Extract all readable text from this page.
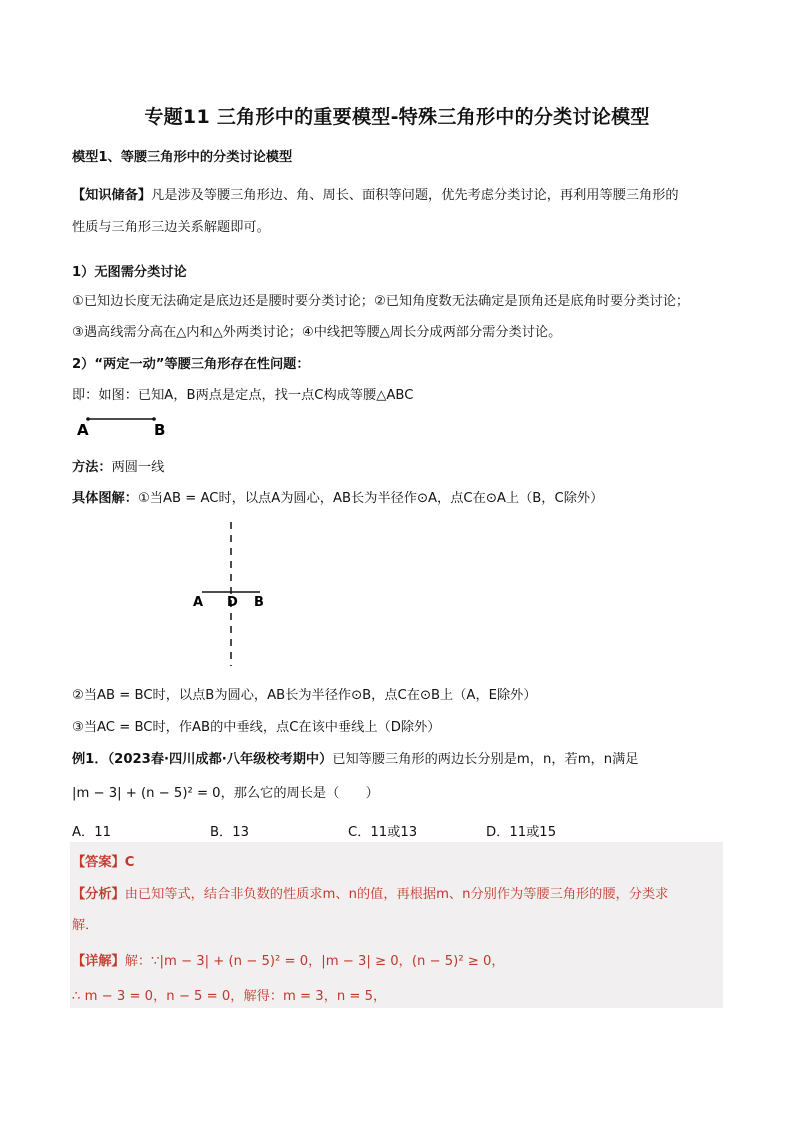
专题11 三角形中的重要模型-特殊三角形中的分类讨论模型
模型1、等腰三角形中的分类讨论模型
【知识储备】凡是涉及等腰三角形边、角、周长、面积等问题，优先考虑分类讨论，再利用等腰三角形的
性质与三角形三边关系解题即可。
1）无图需分类讨论
①已知边长度无法确定是底边还是腰时要分类讨论；②已知角度数无法确定是顶角还是底角时要分类讨论；
③遇高线需分高在△内和△外两类讨论；④中线把等腰△周长分成两部分需分类讨论。
2）“两定一动”等腰三角形存在性问题：
即：如图：已知A，B两点是定点，找一点C构成等腰△ABC
A	B
方法：两圆一线
具体图解：①当AB = AC时，以点A为圆心，AB长为半径作⊙A，点C在⊙A上（B，C除外）
A D B
②当AB = BC时，以点B为圆心，AB长为半径作⊙B，点C在⊙B上（A，E除外）
③当AC = BC时，作AB的中垂线，点C在该中垂线上（D除外）
例1．（2023春·四川成都·八年级校考期中）已知等腰三角形的两边长分别是m，n，若m，n满足
|m − 3| + (n − 5)² = 0，那么它的周长是（　　）
A．11	B．13	C．11或13	D．11或15
【答案】C
【分析】由已知等式，结合非负数的性质求m、n的值，再根据m、n分别作为等腰三角形的腰，分类求
解．
【详解】解：∵|m − 3| + (n − 5)² = 0，|m − 3| ≥ 0，(n − 5)² ≥ 0，
∴ m − 3 = 0，n − 5 = 0，解得：m = 3，n = 5，
